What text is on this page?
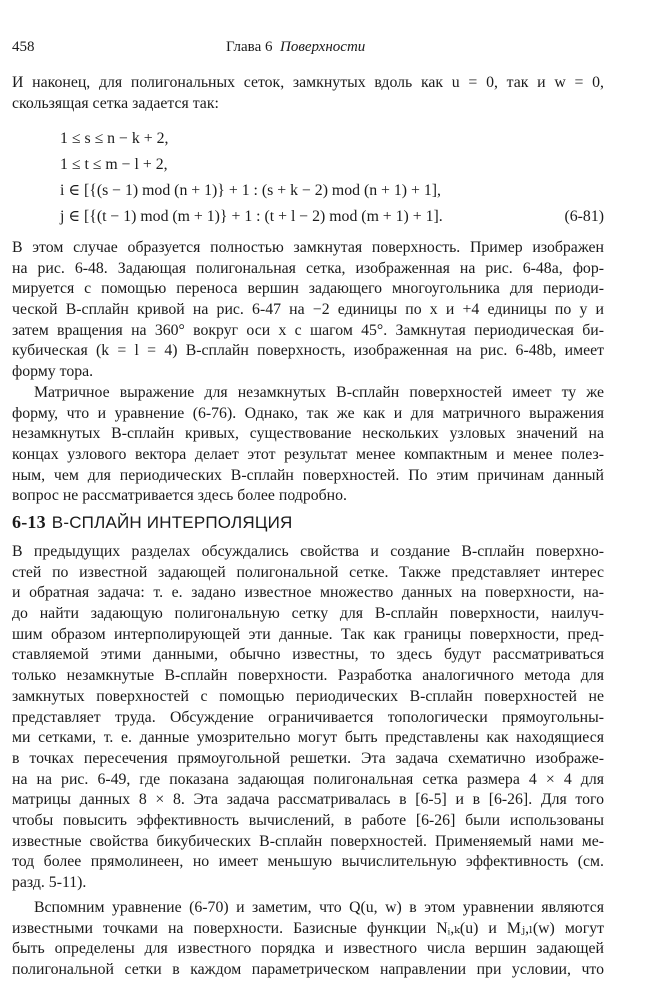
458	Глава 6 Поверхности
И наконец, для полигональных сеток, замкнутых вдоль как u = 0, так и w = 0,
скользящая сетка задается так:
1 ≤ s ≤ n − k + 2,
1 ≤ t ≤ m − l + 2,
i ∈ [{(s − 1) mod (n + 1)} + 1 : (s + k − 2) mod (n + 1) + 1],
j ∈ [{(t − 1) mod (m + 1)} + 1 : (t + l − 2) mod (m + 1) + 1].	(6-81)
В этом случае образуется полностью замкнутая поверхность. Пример изображен
на рис. 6-48. Задающая полигональная сетка, изображенная на рис. 6-48a, фор-
мируется с помощью переноса вершин задающего многоугольника для периоди-
ческой B-сплайн кривой на рис. 6-47 на −2 единицы по x и +4 единицы по y и
затем вращения на 360° вокруг оси x с шагом 45°. Замкнутая периодическая би-
кубическая (k = l = 4) B-сплайн поверхность, изображенная на рис. 6-48b, имеет
форму тора.
Матричное выражение для незамкнутых B-сплайн поверхностей имеет ту же
форму, что и уравнение (6-76). Однако, так же как и для матричного выражения
незамкнутых B-сплайн кривых, существование нескольких узловых значений на
концах узлового вектора делает этот результат менее компактным и менее полез-
ным, чем для периодических B-сплайн поверхностей. По этим причинам данный
вопрос не рассматривается здесь более подробно.
6-13 B-СПЛАЙН ИНТЕРПОЛЯЦИЯ
В предыдущих разделах обсуждались свойства и создание B-сплайн поверхно-
стей по известной задающей полигональной сетке. Также представляет интерес
и обратная задача: т. е. задано известное множество данных на поверхности, на-
до найти задающую полигональную сетку для B-сплайн поверхности, наилуч-
шим образом интерполирующей эти данные. Так как границы поверхности, пред-
ставляемой этими данными, обычно известны, то здесь будут рассматриваться
только незамкнутые B-сплайн поверхности. Разработка аналогичного метода для
замкнутых поверхностей с помощью периодических B-сплайн поверхностей не
представляет труда. Обсуждение ограничивается топологически прямоугольны-
ми сетками, т. е. данные умозрительно могут быть представлены как находящиеся
в точках пересечения прямоугольной решетки. Эта задача схематично изображе-
на на рис. 6-49, где показана задающая полигональная сетка размера 4 × 4 для
матрицы данных 8 × 8. Эта задача рассматривалась в [6-5] и в [6-26]. Для того
чтобы повысить эффективность вычислений, в работе [6-26] были использованы
известные свойства бикубических B-сплайн поверхностей. Применяемый нами ме-
тод более прямолинеен, но имеет меньшую вычислительную эффективность (см.
разд. 5-11).
Вспомним уравнение (6-70) и заметим, что Q(u, w) в этом уравнении являются
известными точками на поверхности. Базисные функции Nᵢ,ₖ(u) и Mⱼ,ₗ(w) могут
быть определены для известного порядка и известного числа вершин задающей
полигональной сетки в каждом параметрическом направлении при условии, что
